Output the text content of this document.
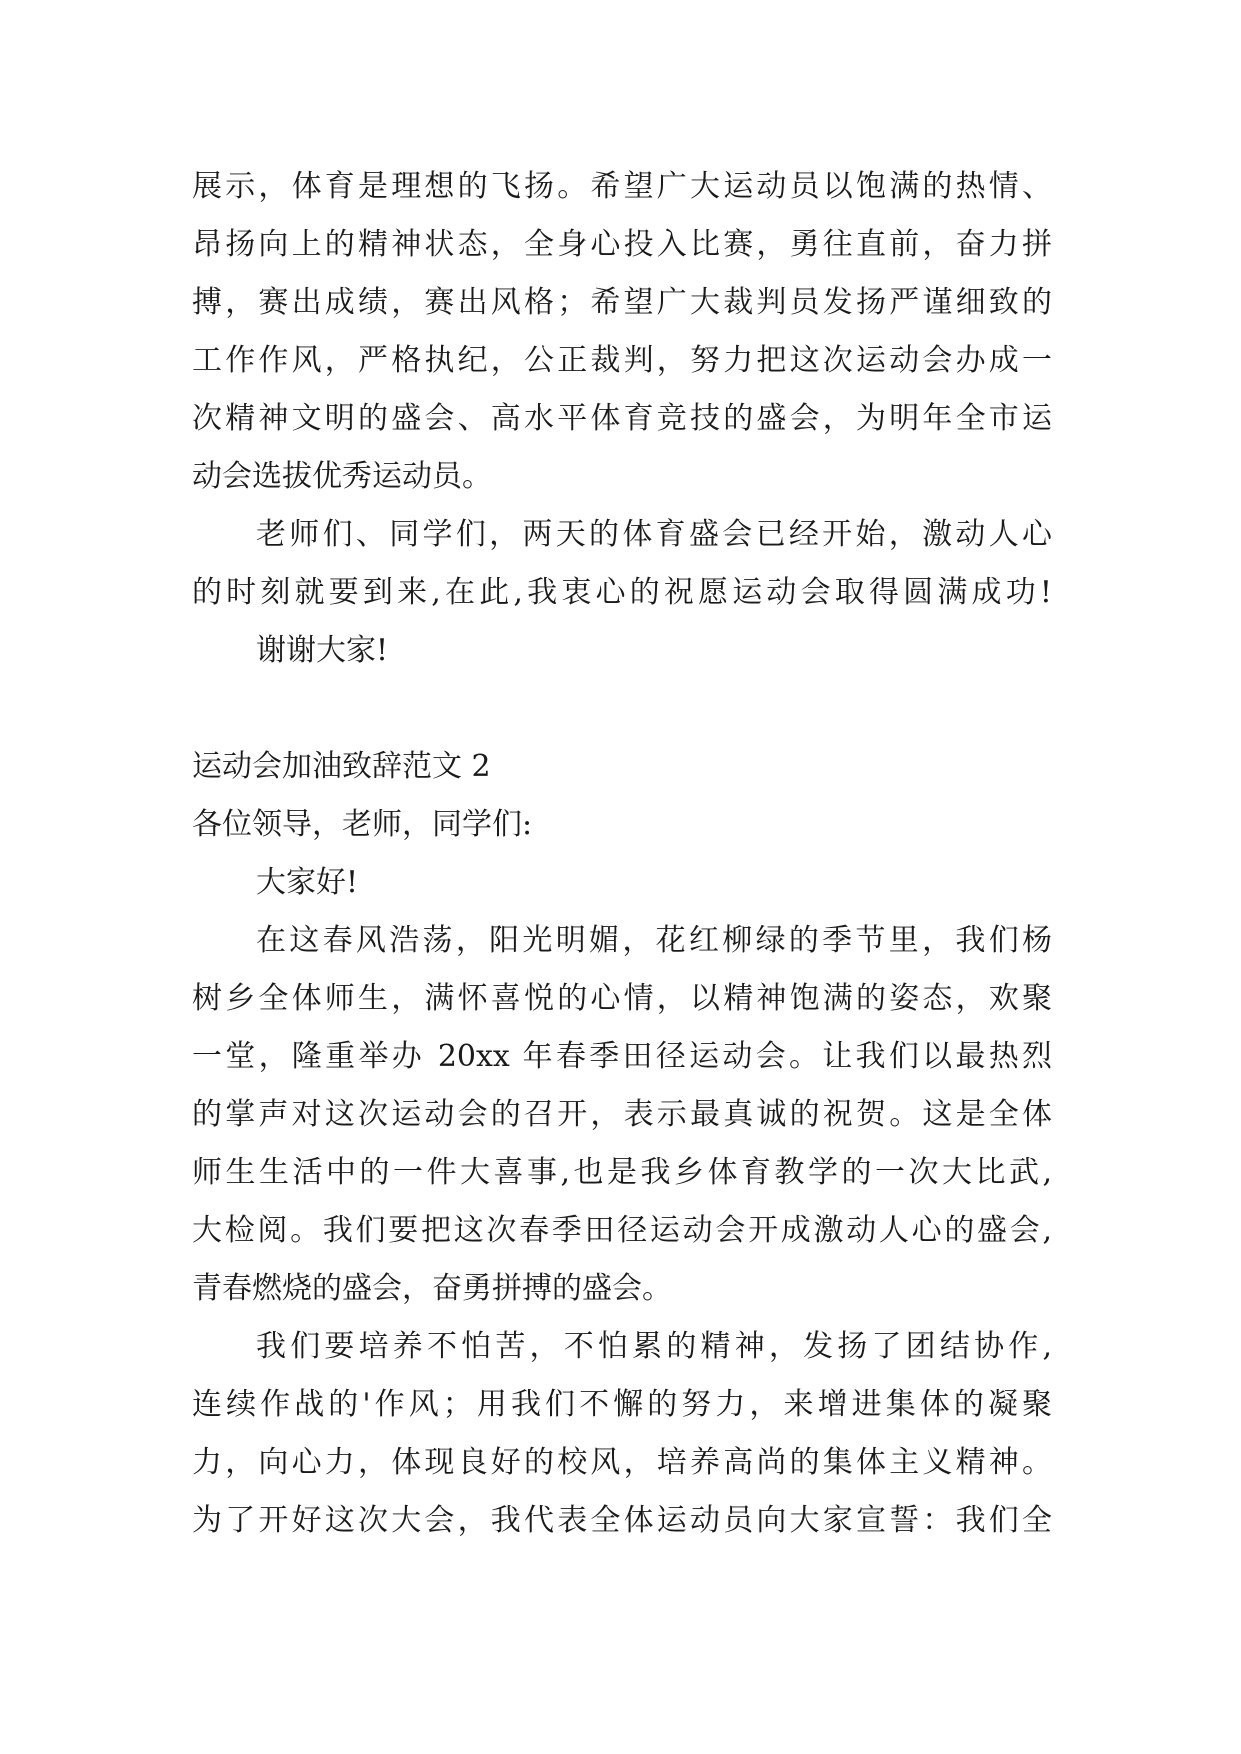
展示，体育是理想的飞扬。希望广大运动员以饱满的热情、
昂扬向上的精神状态，全身心投入比赛，勇往直前，奋力拼
搏，赛出成绩，赛出风格；希望广大裁判员发扬严谨细致的
工作作风，严格执纪，公正裁判，努力把这次运动会办成一
次精神文明的盛会、高水平体育竞技的盛会，为明年全市运
动会选拔优秀运动员。
老师们、同学们，两天的体育盛会已经开始，激动人心
的时刻就要到来,在此,我衷心的祝愿运动会取得圆满成功!
谢谢大家!
运动会加油致辞范文 2
各位领导，老师，同学们:
大家好!
在这春风浩荡，阳光明媚，花红柳绿的季节里，我们杨
树乡全体师生，满怀喜悦的心情，以精神饱满的姿态，欢聚
一堂，隆重举办 20xx 年春季田径运动会。让我们以最热烈
的掌声对这次运动会的召开，表示最真诚的祝贺。这是全体
师生生活中的一件大喜事,也是我乡体育教学的一次大比武,
大检阅。我们要把这次春季田径运动会开成激动人心的盛会,
青春燃烧的盛会，奋勇拼搏的盛会。
我们要培养不怕苦，不怕累的精神，发扬了团结协作,
连续作战的'作风；用我们不懈的努力，来增进集体的凝聚
力，向心力，体现良好的校风，培养高尚的集体主义精神。
为了开好这次大会，我代表全体运动员向大家宣誓：我们全
